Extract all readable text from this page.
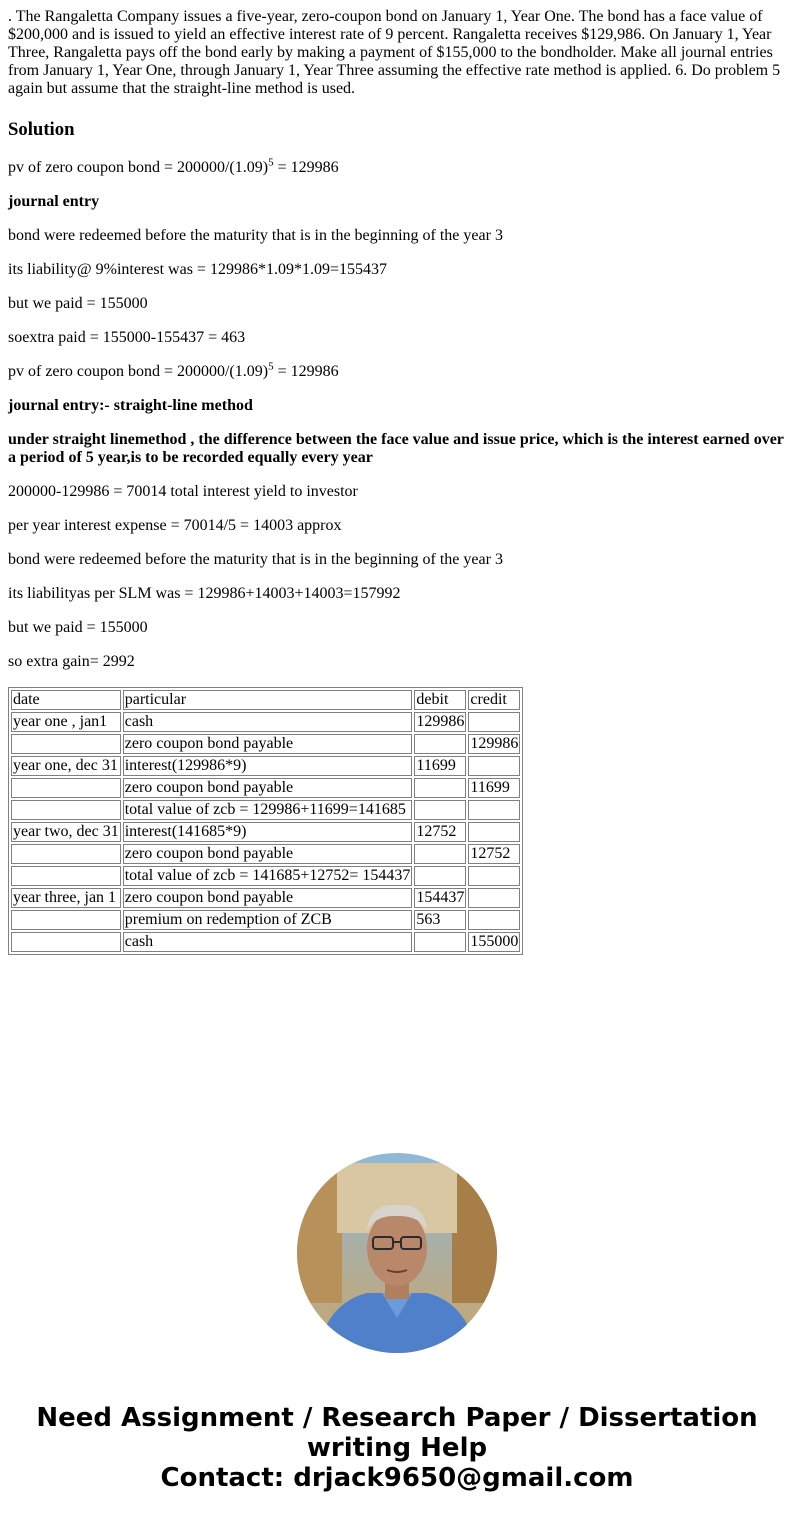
. The Rangaletta Company issues a five-year, zero-coupon bond on January 1, Year One. The bond has a face value of $200,000 and is issued to yield an effective interest rate of 9 percent. Rangaletta receives $129,986. On January 1, Year Three, Rangaletta pays off the bond early by making a payment of $155,000 to the bondholder. Make all journal entries from January 1, Year One, through January 1, Year Three assuming the effective rate method is applied. 6. Do problem 5 again but assume that the straight-line method is used.

Solution

pv of zero coupon bond = $200000/(1.09)^5 = 129986$

journal entry

bond were redeemed before the maturity that is in the beginning of the year 3

its liability@ 9%interest was = 129986*1.09*1.09=155437

but we paid = 155000

soextra paid = 155000-155437 = 463

pv of zero coupon bond = $200000/(1.09)^5 = 129986$

journal entry:- straight-line method

under straight linemethod , the difference between the face value and issue price, which is the interest earned over a period of 5 year,is to be recorded equally every year

200000-129986 = 70014 total interest yield to investor

per year interest expense = 70014/5 = 14003 approx

bond were redeemed before the maturity that is in the beginning of the year 3

its liabilityas per SLM was = 129986+14003+14003=157992

but we paid = 155000

so extra gain= 2992

date	particular	debit	credit
year one , jan1	cash	129986	
	zero coupon bond payable		129986
year one, dec 31	interest(129986*9)	11699	
	zero coupon bond payable		11699
	total value of zcb = 129986+11699=141685		
year two, dec 31	interest(141685*9)	12752	
	zero coupon bond payable		12752
	total value of zcb = 141685+12752= 154437		
year three, jan 1	zero coupon bond payable	154437	
	premium on redemption of ZCB	563	
	cash		155000
Need Assignment / Research Paper / Dissertation
writing Help
Contact: drjack9650@gmail.com
